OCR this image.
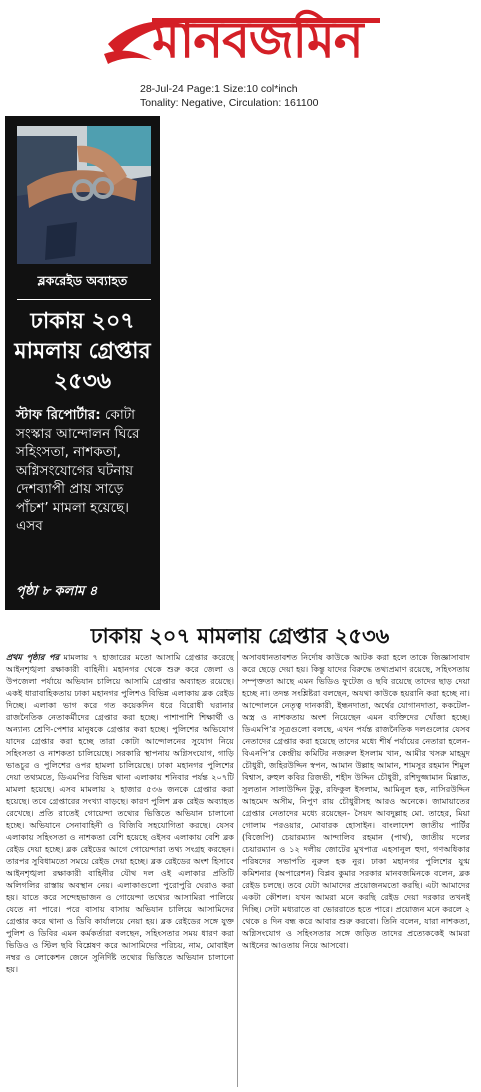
মানবজমিন
28-Jul-24 Page:1 Size:10 col*inch
Tonality: Negative, Circulation: 161100
ব্লকরেইড অব্যাহত
ঢাকায় ২০৭
মামলায় গ্রেপ্তার
২৫৩৬
স্টাফ রিপোর্টার: কোটা সংস্কার আন্দোলন ঘিরে সহিংসতা, নাশকতা, অগ্নিসংযোগের ঘটনায় দেশব্যাপী প্রায় সাড়ে পাঁচশ’ মামলা হয়েছে। এসব
পৃষ্ঠা ৮ কলাম ৪
ঢাকায় ২০৭ মামলায় গ্রেপ্তার ২৫৩৬

প্রথম পৃষ্ঠার পর মামলায় ৭ হাজারের মতো আসামি গ্রেপ্তার করেছে আইনশৃঙ্খলা রক্ষাকারী বাহিনী। মহানগর থেকে শুরু করে জেলা ও উপজেলা পর্যায়ে অভিযান চালিয়ে আসামি গ্রেপ্তার অব্যাহত রয়েছে। একই ধারাবাহিকতায় ঢাকা মহানগর পুলিশও বিভিন্ন এলাকায় ব্লক রেইড দিচ্ছে। এলাকা ভাগ করে গত কয়েকদিন ধরে বিরোধী ঘরানার রাজনৈতিক নেতাকর্মীদের গ্রেপ্তার করা হচ্ছে। পাশাপাশি শিক্ষার্থী ও অন্যান্য শ্রেণি-পেশার মানুষকে গ্রেপ্তার করা হচ্ছে। পুলিশের অভিযোগ যাদের গ্রেপ্তার করা হচ্ছে তারা কোটা আন্দোলনের সুযোগ নিয়ে সহিংসতা ও নাশকতা চালিয়েছে। সরকারি স্থাপনায় অগ্নিসংযোগ, গাড়ি ভাঙচুর ও পুলিশের ওপর হামলা চালিয়েছে। ঢাকা মহানগর পুলিশের দেয়া তথ্যমতে, ডিএমপির বিভিন্ন থানা এলাকায় শনিবার পর্যন্ত ২০৭টি মামলা হয়েছে। এসব মামলায় ২ হাজার ৫৩৬ জনকে গ্রেপ্তার করা হয়েছে। তবে গ্রেপ্তারের সংখ্যা বাড়ছে। কারণ পুলিশ ব্লক রেইড অব্যাহত রেখেছে। প্রতি রাতেই গোয়েন্দা তথ্যের ভিত্তিতে অভিযান চালানো হচ্ছে। অভিযানে সেনাবাহিনী ও বিজিবি সহযোগিতা করছে। যেসব এলাকায় সহিংসতা ও নাশকতা বেশি হয়েছে ওইসব এলাকায় বেশি ব্লক রেইড দেয়া হচ্ছে। ব্লক রেইডের আগে গোয়েন্দারা তথ্য সংগ্রহ করছেন। তারপর সুবিধামতো সময়ে রেইড দেয়া হচ্ছে। ব্লক রেইডের অংশ হিসাবে আইনশৃঙ্খলা রক্ষাকারী বাহিনীর যৌথ দল ওই এলাকার প্রতিটি অলিগলির রাস্তায় অবস্থান নেয়। এলাকাগুলো পুরোপুরি ঘেরাও করা হয়। যাতে করে সন্দেহভাজন ও গোয়েন্দা তথ্যের আসামিরা পালিয়ে যেতে না পারে। পরে বাসায় বাসায় অভিযান চালিয়ে আসামিদের গ্রেপ্তার করে থানা ও ডিবি কার্যালয়ে নেয়া হয়। ব্লক রেইডের সঙ্গে যুক্ত পুলিশ ও ডিবির এমন কর্মকর্তারা বলছেন, সহিংসতার সময় ধারণ করা ভিডিও ও স্টিল ছবি বিশ্লেষণ করে আসামিদের পরিচয়, নাম, মোবাইল নম্বর ও লোকেশন জেনে সুনির্দিষ্ট তথ্যের ভিত্তিতে অভিযান চালানো হয়।

অসাবধানতাবশত নির্দোষ কাউকে আটক করা হলে তাকে জিজ্ঞাসাবাদ করে ছেড়ে দেয়া হয়। কিন্তু যাদের বিরুদ্ধে তথ্যপ্রমাণ রয়েছে, সহিংসতায় সম্পৃক্ততা আছে এমন ভিডিও ফুটেজ ও ছবি রয়েছে তাদের ছাড় দেয়া হচ্ছে না। তদন্ত সংশ্লিষ্টরা বলছেন, অযথা কাউকে হয়রানি করা হচ্ছে না। আন্দোলনে নেতৃত্ব দানকারী, ইন্ধনদাতা, অর্থের যোগানদাতা, ককটেল-অস্ত্র ও নাশকতায় অংশ নিয়েছেন এমন ব্যক্তিদের খোঁজা হচ্ছে। ডিএমপি’র সূত্রগুলো বলছে, এখন পর্যন্ত রাজনৈতিক দলগুলোর যেসব নেতাদের গ্রেপ্তার করা হয়েছে তাদের মধ্যে শীর্ষ পর্যায়ের নেতারা হলেন- বিএনপি’র কেন্দ্রীয় কমিটির নজরুল ইসলাম খান, আমীর খসরু মাহমুদ চৌধুরী, জহিরউদ্দিন স্বপন, আমান উল্লাহ আমান, শামসুর রহমান শিমুল বিশ্বাস, রুহুল কবির রিজভী, শহীদ উদ্দিন চৌধুরী, রশিদুজ্জামান মিল্লাত, সুলতান সালাউদ্দিন টুকু, রফিকুল ইসলাম, আমিনুল হক, নাসিরউদ্দিন আহমেদ অসীম, নিপুণ রায় চৌধুরীসহ আরও অনেকে। জামায়াতের গ্রেপ্তার নেতাদের মধ্যে রয়েছেন- সৈয়দ আবদুল্লাহ মো. তাহের, মিয়া গোলাম পরওয়ার, মোবারক হোসাইন। বাংলাদেশ জাতীয় পার্টির (বিজেপি) চেয়ারম্যান আন্দালিব রহমান (পার্থ), জাতীয় দলের চেয়ারম্যান ও ১২ দলীয় জোটের মুখপাত্র এহসানুল হুদা, গণঅধিকার পরিষদের সভাপতি নুরুল হক নুর। ঢাকা মহানগর পুলিশের যুগ্ম কমিশনার (অপারেশন) বিপ্লব কুমার সরকার মানবজমিনকে বলেন, ব্লক রেইড চলছে। তবে যেটা আমাদের প্রয়োজনমতো করছি। এটা আমাদের একটা কৌশল। যখন আমরা মনে করছি রেইড দেয়া দরকার তখনই দিচ্ছি। সেটা মধ্যরাতে বা ভোররাতে হতে পারে। প্রয়োজন মনে করলে ২ থেকে ৪ দিন বন্ধ করে আবার শুরু করবো। তিনি বলেন, যারা নাশকতা, অগ্নিসংযোগ ও সহিংসতার সঙ্গে জড়িত তাদের প্রত্যেককেই আমরা আইনের আওতায় নিয়ে আসবো।
